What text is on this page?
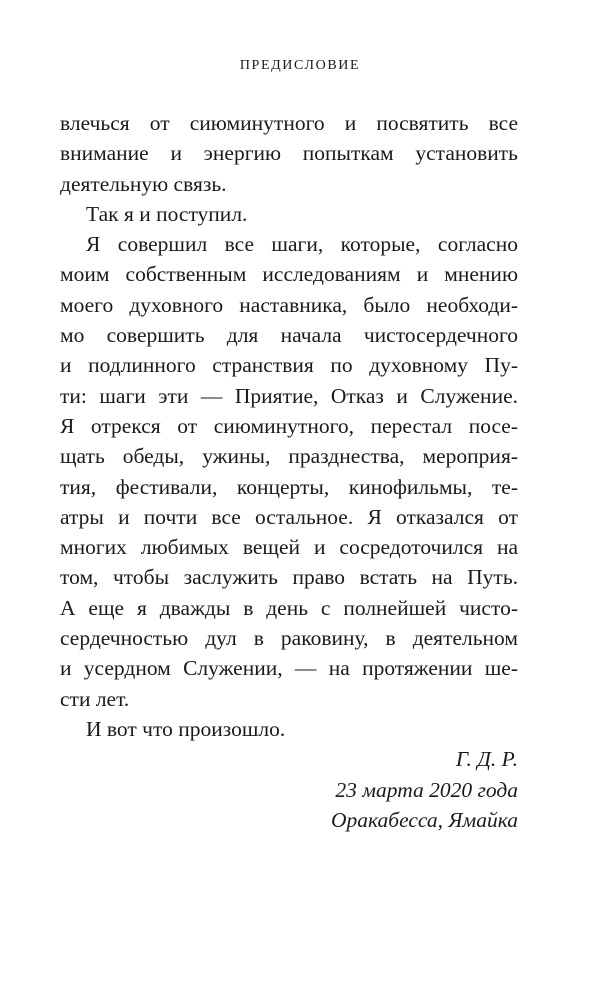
ПРЕДИСЛОВИЕ
влечься от сиюминутного и посвятить все
внимание и энергию попыткам установить
деятельную связь.
Так я и поступил.
Я совершил все шаги, которые, согласно
моим собственным исследованиям и мнению
моего духовного наставника, было необходи-
мо совершить для начала чистосердечного
и подлинного странствия по духовному Пу-
ти: шаги эти — Приятие, Отказ и Служение.
Я отрекся от сиюминутного, перестал посе-
щать обеды, ужины, празднества, мероприя-
тия, фестивали, концерты, кинофильмы, те-
атры и почти все остальное. Я отказался от
многих любимых вещей и сосредоточился на
том, чтобы заслужить право встать на Путь.
А еще я дважды в день с полнейшей чисто-
сердечностью дул в раковину, в деятельном
и усердном Служении, — на протяжении ше-
сти лет.
И вот что произошло.
Г. Д. Р.
23 марта 2020 года
Оракабесса, Ямайка
